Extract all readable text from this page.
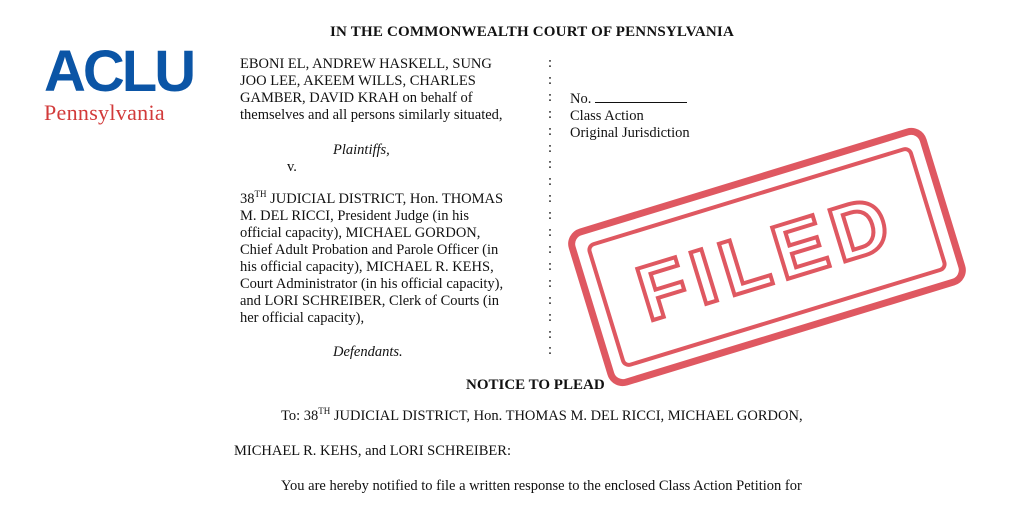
ACLU
Pennsylvania
IN THE COMMONWEALTH COURT OF PENNSYLVANIA
EBONI EL, ANDREW HASKELL, SUNG
JOO LEE, AKEEM WILLS, CHARLES
GAMBER, DAVID KRAH on behalf of
themselves and all persons similarly situated,
Plaintiffs,
v.
38TH JUDICIAL DISTRICT, Hon. THOMAS
M. DEL RICCI, President Judge (in his
official capacity), MICHAEL GORDON,
Chief Adult Probation and Parole Officer (in
his official capacity), MICHAEL R. KEHS,
Court Administrator (in his official capacity),
and LORI SCHREIBER, Clerk of Courts (in
her official capacity),
Defendants.
:
:
:
:
:
:
:
:
:
:
:
:
:
:
:
:
:
:
No.
Class Action
Original Jurisdiction
FILED
NOTICE TO PLEAD
To: 38TH JUDICIAL DISTRICT, Hon. THOMAS M. DEL RICCI, MICHAEL GORDON,
MICHAEL R. KEHS, and LORI SCHREIBER:
You are hereby notified to file a written response to the enclosed Class Action Petition for
